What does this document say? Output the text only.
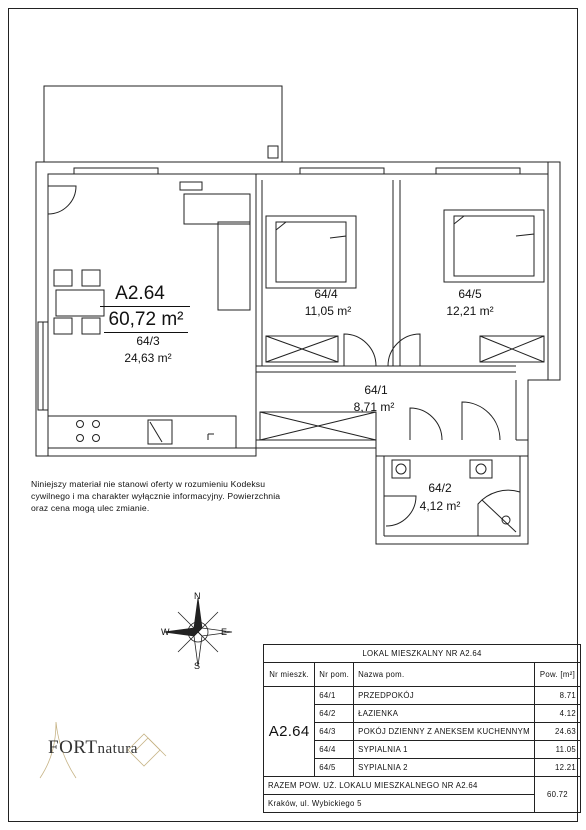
A2.64
60,72 m²
64/3
24,63 m²
64/4
11,05 m²
64/5
12,21 m²
64/1
8,71 m²
64/2
4,12 m²
Niniejszy materiał nie stanowi oferty w rozumieniu Kodeksu
cywilnego i ma charakter wyłącznie informacyjny. Powierzchnia
oraz cena mogą ulec zmianie.
N
S
E
W
FORTnatura
LOKAL MIESZKALNY NR A2.64			
Nr mieszk.	Nr pom.	Nazwa pom.	Pow. [m²]
A2.64	64/1	PRZEDPOKÓJ	8.71
	64/2	ŁAZIENKA	4.12
	64/3	POKÓJ DZIENNY Z ANEKSEM KUCHENNYM	24.63
	64/4	SYPIALNIA 1	11.05
	64/5	SYPIALNIA 2	12.21
RAZEM POW. UŻ. LOKALU MIESZKALNEGO NR A2.64			60.72
Kraków, ul. Wybickiego 5			
